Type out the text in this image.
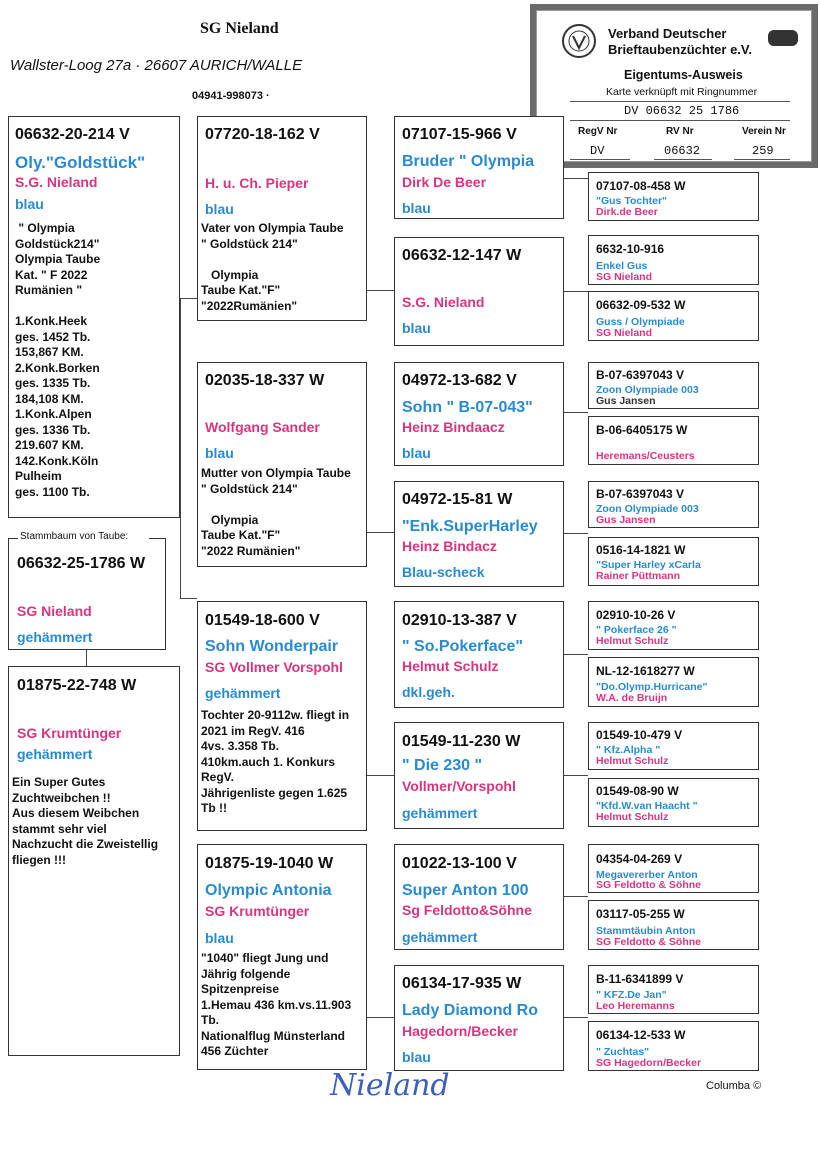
SG Nieland
Wallster-Loog 27a · 26607 AURICH/WALLE
04941-998073 ·
Verband Deutscher
Brieftaubenzüchter e.V.
Eigentums-Ausweis
Karte verknüpft mit Ringnummer
DV 06632 25 1786
RegV Nr	RV Nr	Verein Nr
DV	06632	259
06632-20-214 V
Oly."Goldstück"
S.G. Nieland
blau
" Olympia
Goldstück214"
Olympia Taube
Kat. " F 2022
Rumänien "

1.Konk.Heek
ges. 1452 Tb.
153,867 KM.
2.Konk.Borken
ges. 1335 Tb.
184,108 KM.
1.Konk.Alpen
ges. 1336 Tb.
219.607 KM.
142.Konk.Köln
Pulheim
ges. 1100 Tb.
06632-25-1786 W
SG Nieland
gehämmert
Stammbaum von Taube:
01875-22-748 W
SG Krumtünger
gehämmert
Ein Super Gutes
Zuchtweibchen !!
Aus diesem Weibchen
stammt sehr viel
Nachzucht die Zweistellig
fliegen !!!
07720-18-162 V
H. u. Ch. Pieper
blau
Vater von Olympia Taube
" Goldstück 214"

Olympia
Taube Kat."F"
"2022Rumänien"
02035-18-337 W
Wolfgang Sander
blau
Mutter von Olympia Taube
" Goldstück 214"

Olympia
Taube Kat."F"
"2022 Rumänien"
01549-18-600 V
Sohn Wonderpair
SG Vollmer Vorspohl
gehämmert
Tochter 20-9112w. fliegt in
2021 im RegV. 416
4vs. 3.358 Tb.
410km.auch 1. Konkurs
RegV.
Jährigenliste gegen 1.625
Tb !!
01875-19-1040 W
Olympic Antonia
SG Krumtünger
blau
"1040" fliegt Jung und
Jährig folgende
Spitzenpreise
1.Hemau 436 km.vs.11.903
Tb.
Nationalflug Münsterland
456 Züchter
07107-15-966 V
Bruder " Olympia
Dirk De Beer
blau
06632-12-147 W
S.G. Nieland
blau
04972-13-682 V
Sohn " B-07-043"
Heinz Bindaacz
blau
04972-15-81 W
"Enk.SuperHarley
Heinz Bindacz
Blau-scheck
02910-13-387 V
" So.Pokerface"
Helmut Schulz
dkl.geh.
01549-11-230 W
" Die 230 "
Vollmer/Vorspohl
gehämmert
01022-13-100 V
Super Anton 100
Sg Feldotto&Söhne
gehämmert
06134-17-935 W
Lady Diamond Ro
Hagedorn/Becker
blau
07107-08-458 W
"Gus Tochter"
Dirk.de Beer
6632-10-916
Enkel Gus
SG Nieland
06632-09-532 W
Guss / Olympiade
SG Nieland
B-07-6397043 V
Zoon Olympiade 003
Gus Jansen
B-06-6405175 W
Heremans/Ceusters
B-07-6397043 V
Zoon Olympiade 003
Gus Jansen
0516-14-1821 W
"Super Harley xCarla
Rainer Püttmann
02910-10-26 V
" Pokerface 26 "
Helmut Schulz
NL-12-1618277 W
"Do.Olymp.Hurricane"
W.A. de Bruijn
01549-10-479 V
" Kfz.Alpha "
Helmut Schulz
01549-08-90 W
"Kfd.W.van Haacht "
Helmut Schulz
04354-04-269 V
Megavererber Anton
SG Feldotto & Söhne
03117-05-255 W
Stammtäubin Anton
SG Feldotto & Söhne
B-11-6341899 V
" KFZ.De Jan"
Leo Heremanns
06134-12-533 W
" Zuchtas"
SG Hagedorn/Becker
Nieland	Columba ©
